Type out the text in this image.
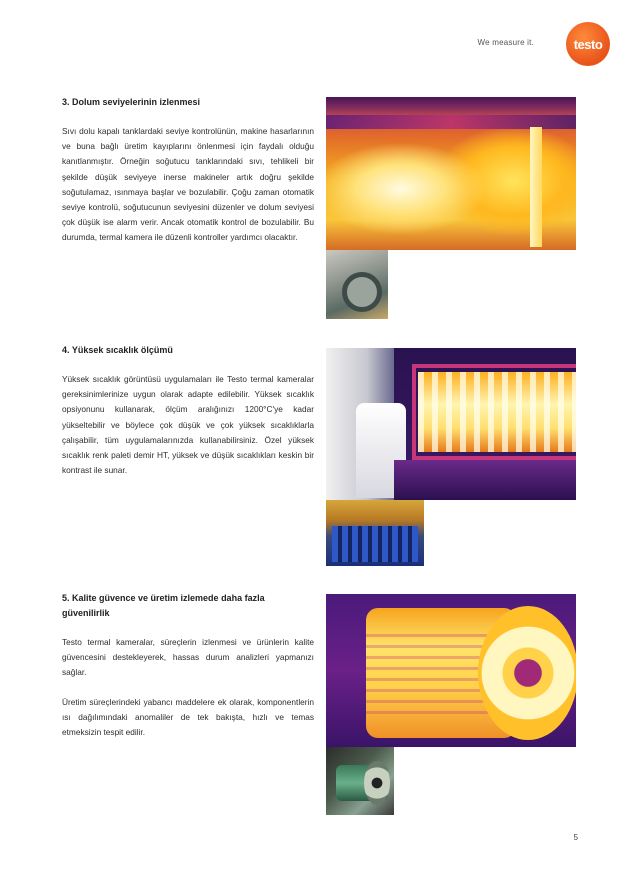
We measure it.	testo
3. Dolum seviyelerinin izlenmesi

Sıvı dolu kapalı tanklardaki seviye kontrolünün, makine hasarlarının ve buna bağlı üretim kayıplarını önlenmesi için faydalı olduğu kanıtlanmıştır. Örneğin soğutucu tanklarındaki sıvı, tehlikeli bir şekilde düşük seviyeye inerse makineler artık doğru şekilde soğutulamaz, ısınmaya başlar ve bozulabilir. Çoğu zaman otomatik seviye kontrolü, soğutucunun seviyesini düzenler ve dolum seviyesi çok düşük ise alarm verir. Ancak otomatik kontrol de bozulabilir. Bu durumda, termal kamera ile düzenli kontroller yardımcı olacaktır.

4. Yüksek sıcaklık ölçümü

Yüksek sıcaklık görüntüsü uygulamaları ile Testo termal kameralar gereksinimlerinize uygun olarak adapte edilebilir. Yüksek sıcaklık opsiyonunu kullanarak, ölçüm aralığınızı 1200°C'ye kadar yükseltebilir ve böylece çok düşük ve çok yüksek sıcaklıklarla çalışabilir, tüm uygulamalarınızda kullanabilirsiniz. Özel yüksek sıcaklık renk paleti demir HT, yüksek ve düşük sıcaklıkları keskin bir kontrast ile sunar.

5. Kalite güvence ve üretim izlemede daha fazla güvenilirlik

Testo termal kameralar, süreçlerin izlenmesi ve ürünlerin kalite güvencesini destekleyerek, hassas durum analizleri yapmanızı sağlar.

Üretim süreçlerindeki yabancı maddelere ek olarak, komponentlerin ısı dağılımındaki anomaliler de tek bakışta, hızlı ve temas etmeksizin tespit edilir.

5
